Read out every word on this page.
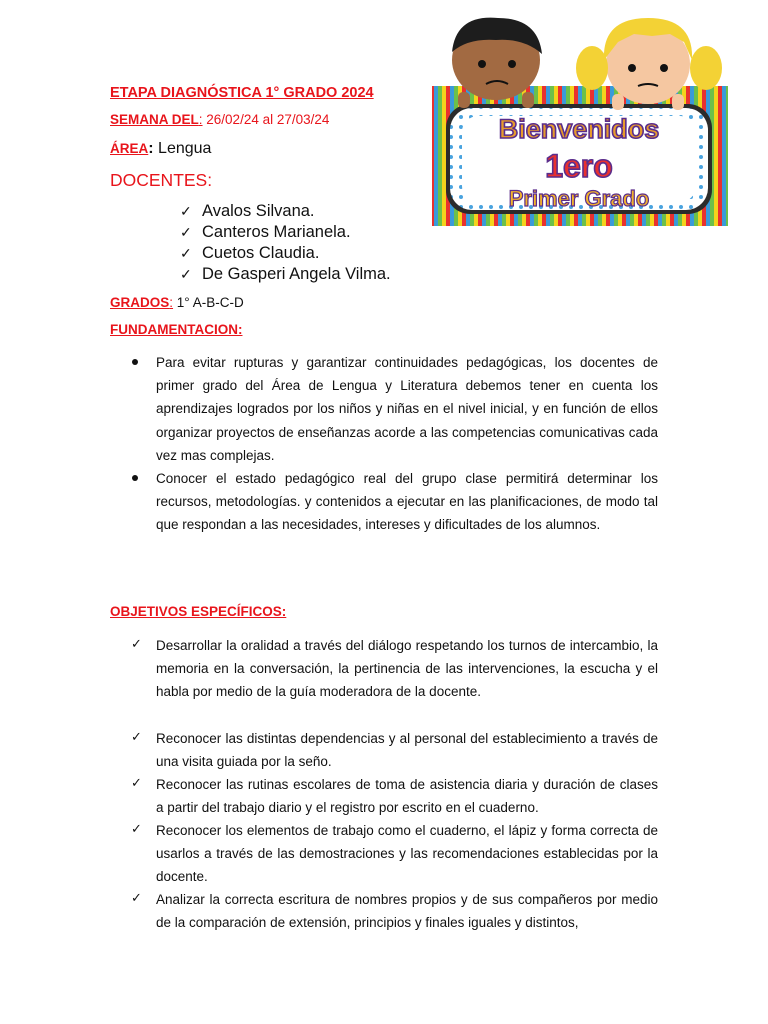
ETAPA DIAGNÓSTICA 1° GRADO 2024
SEMANA DEL: 26/02/24 al 27/03/24
ÁREA: Lengua
DOCENTES:
✓ Avalos Silvana.
✓ Canteros Marianela.
✓ Cuetos Claudia.
✓ De Gasperi Angela Vilma.
GRADOS: 1° A-B-C-D
FUNDAMENTACION:
Para evitar rupturas y garantizar continuidades pedagógicas, los docentes de primer grado del Área de Lengua y Literatura debemos tener en cuenta los aprendizajes logrados por los niños y niñas en el nivel inicial, y en función de ellos organizar proyectos de enseñanzas acorde a las competencias comunicativas cada vez mas complejas.
Conocer el estado pedagógico real del grupo clase permitirá determinar los recursos, metodologías. y contenidos a ejecutar en las planificaciones, de modo tal que respondan a las necesidades, intereses y dificultades de los alumnos.
OBJETIVOS ESPECÍFICOS:
✓ Desarrollar la oralidad a través del diálogo respetando los turnos de intercambio, la memoria en la conversación, la pertinencia de las intervenciones, la escucha y el habla por medio de la guía moderadora de la docente.
✓ Reconocer las distintas dependencias y al personal del establecimiento a través de una visita guiada por la seño.
✓ Reconocer las rutinas escolares de toma de asistencia diaria y duración de clases a partir del trabajo diario y el registro por escrito en el cuaderno.
✓ Reconocer los elementos de trabajo como el cuaderno, el lápiz y forma correcta de usarlos a través de las demostraciones y las recomendaciones establecidas por la docente.
✓ Analizar la correcta escritura de nombres propios y de sus compañeros por medio de la comparación de extensión, principios y finales iguales y distintos,
Bienvenidos
1ero
Primer Grado
